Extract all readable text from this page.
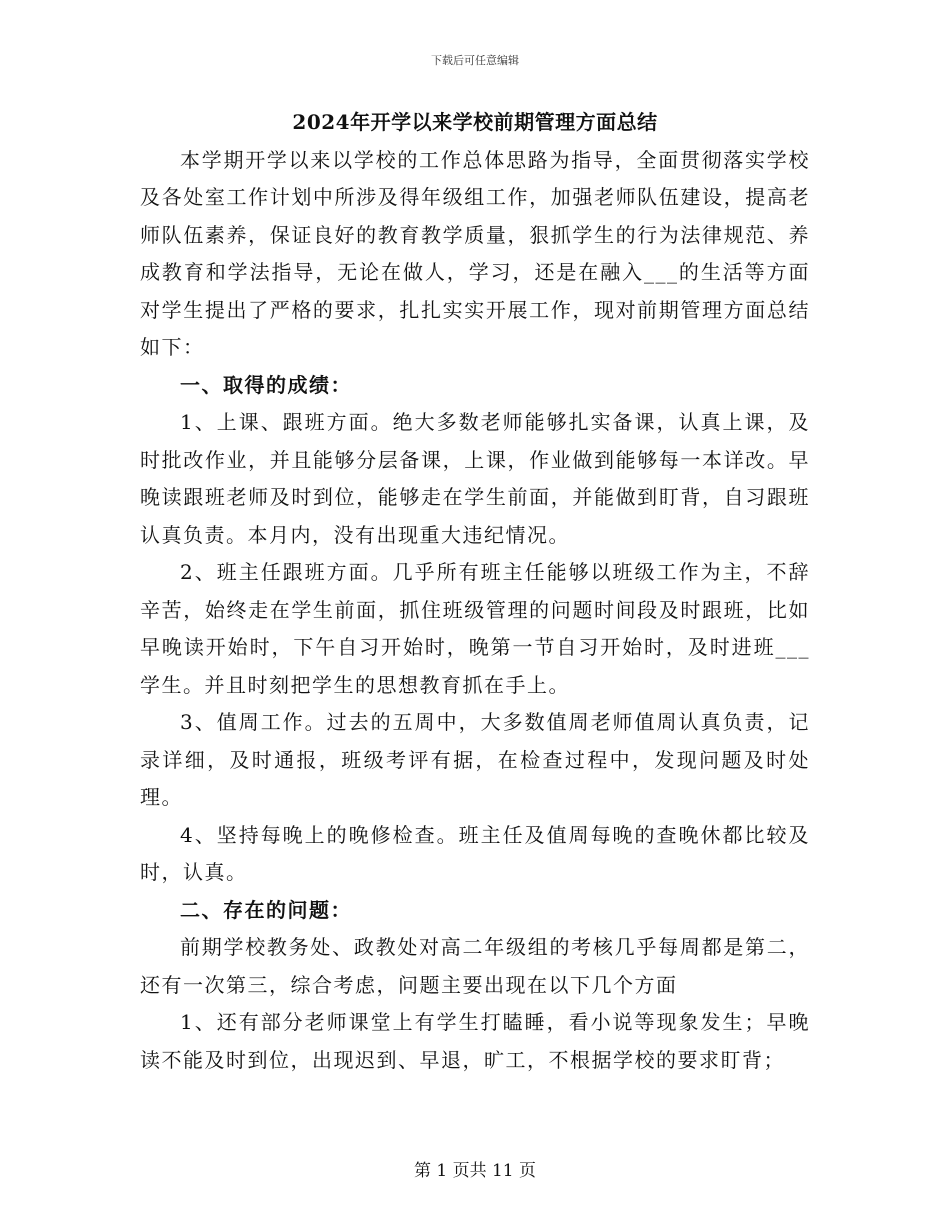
下载后可任意编辑
2024年开学以来学校前期管理方面总结

本学期开学以来以学校的工作总体思路为指导，全面贯彻落实学校及各处室工作计划中所涉及得年级组工作，加强老师队伍建设，提高老师队伍素养，保证良好的教育教学质量，狠抓学生的行为法律规范、养成教育和学法指导，无论在做人，学习，还是在融入___的生活等方面对学生提出了严格的要求，扎扎实实开展工作，现对前期管理方面总结如下：

一、取得的成绩：

1、上课、跟班方面。绝大多数老师能够扎实备课，认真上课，及时批改作业，并且能够分层备课，上课，作业做到能够每一本详改。早晚读跟班老师及时到位，能够走在学生前面，并能做到盯背，自习跟班认真负责。本月内，没有出现重大违纪情况。

2、班主任跟班方面。几乎所有班主任能够以班级工作为主，不辞辛苦，始终走在学生前面，抓住班级管理的问题时间段及时跟班，比如早晚读开始时，下午自习开始时，晚第一节自习开始时，及时进班___学生。并且时刻把学生的思想教育抓在手上。

3、值周工作。过去的五周中，大多数值周老师值周认真负责，记录详细，及时通报，班级考评有据，在检查过程中，发现问题及时处理。

4、坚持每晚上的晚修检查。班主任及值周每晚的查晚休都比较及时，认真。

二、存在的问题：

前期学校教务处、政教处对高二年级组的考核几乎每周都是第二，还有一次第三，综合考虑，问题主要出现在以下几个方面

1、还有部分老师课堂上有学生打瞌睡，看小说等现象发生；早晚读不能及时到位，出现迟到、早退，旷工，不根据学校的要求盯背；

第 1 页共 11 页
